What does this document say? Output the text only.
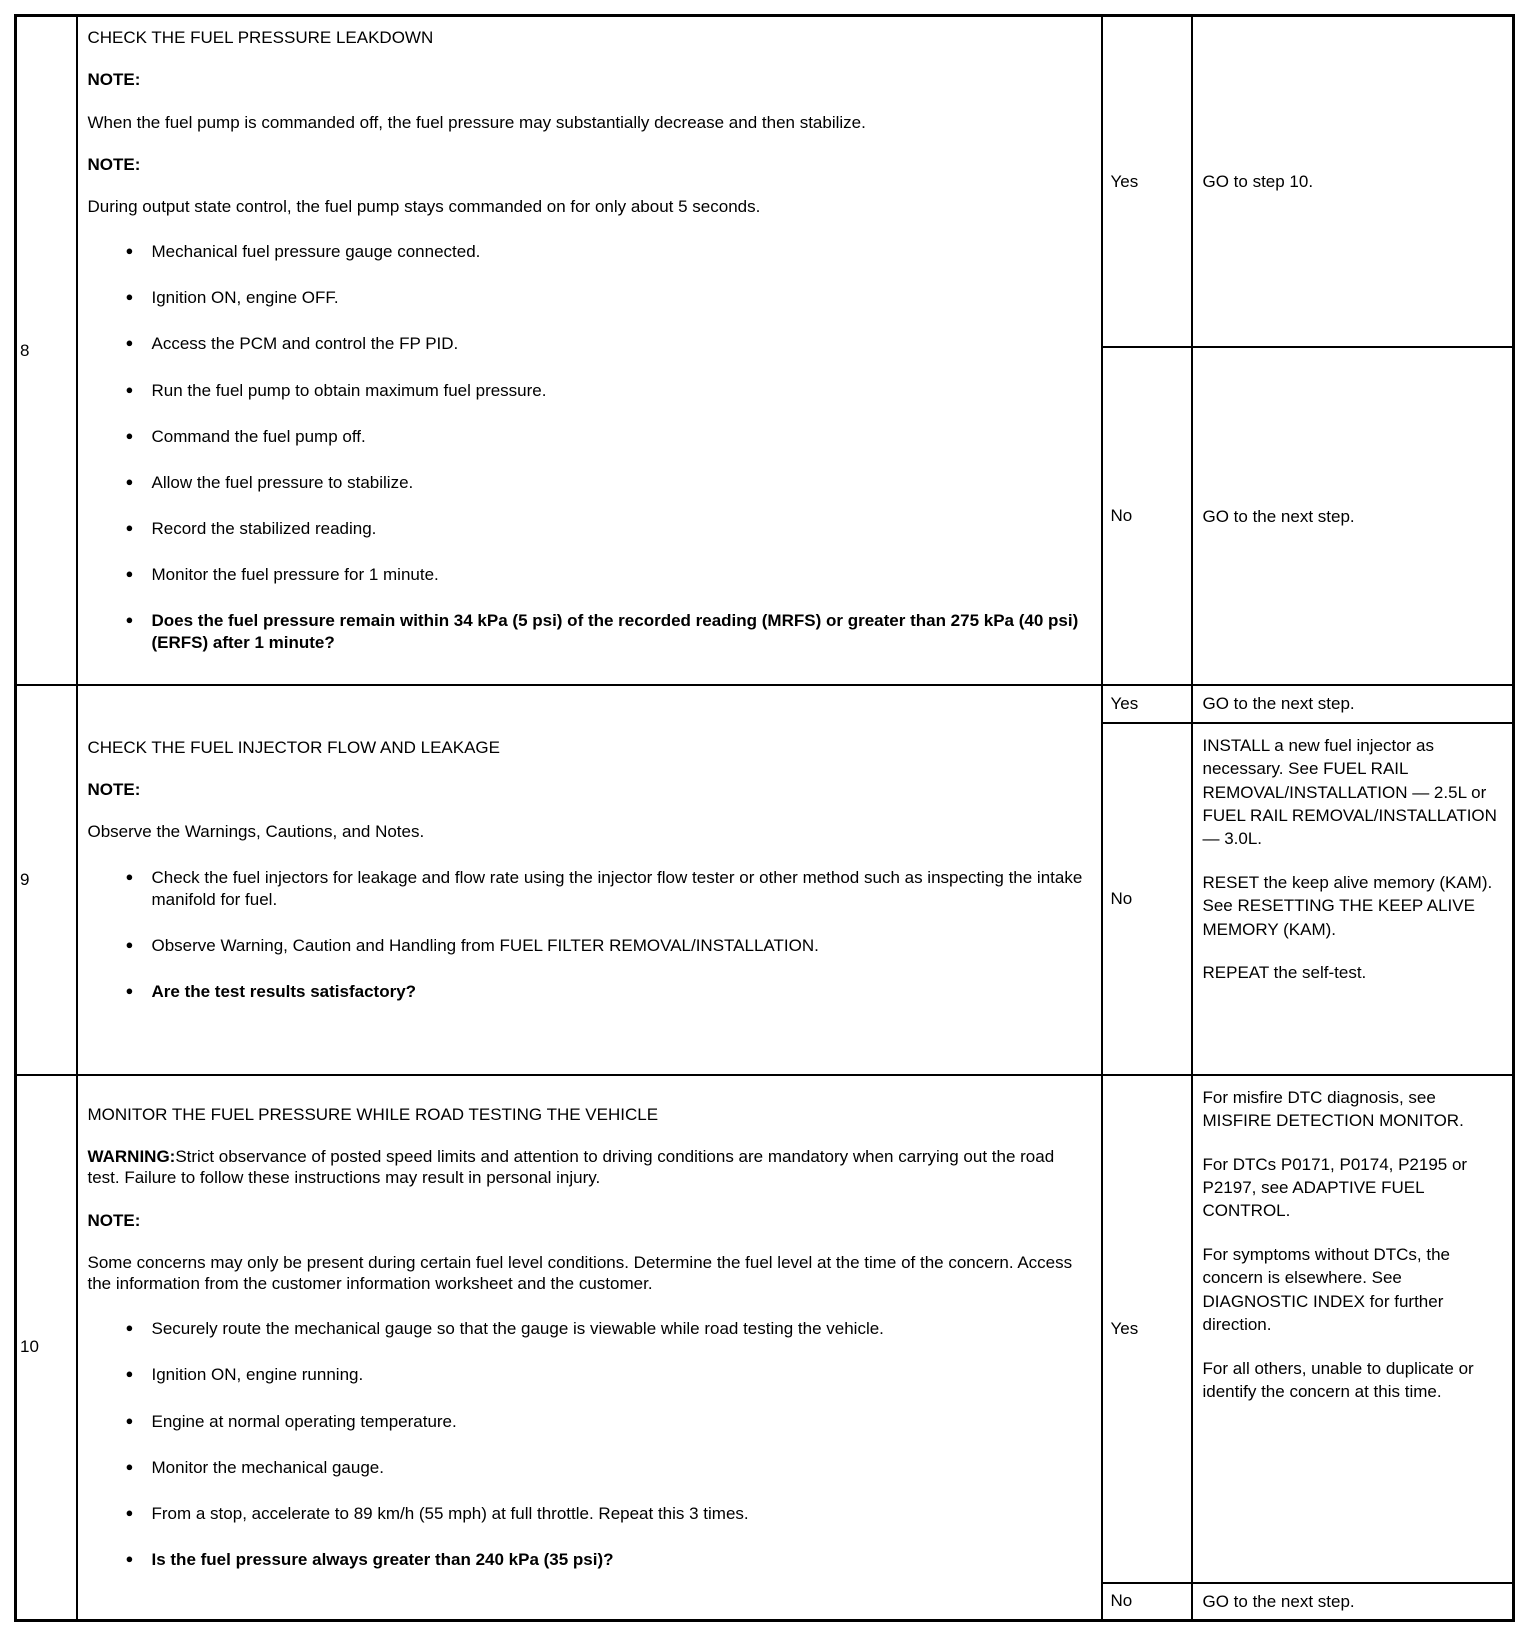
8	

CHECK THE FUEL PRESSURE LEAKDOWN

NOTE:

When the fuel pump is commanded off, the fuel pressure may substantially decrease and then stabilize.

NOTE:

During output state control, the fuel pump stays commanded on for only about 5 seconds.

● Mechanical fuel pressure gauge connected.
● Ignition ON, engine OFF.
● Access the PCM and control the FP PID.
● Run the fuel pump to obtain maximum fuel pressure.
● Command the fuel pump off.
● Allow the fuel pressure to stabilize.
● Record the stabilized reading.
● Monitor the fuel pressure for 1 minute.
● Does the fuel pressure remain within 34 kPa (5 psi) of the recorded reading (MRFS) or greater than 275 kPa (40 psi) (ERFS) after 1 minute?
	Yes	GO to step 10.
		No	GO to the next step.
9	

CHECK THE FUEL INJECTOR FLOW AND LEAKAGE

NOTE:

Observe the Warnings, Cautions, and Notes.

● Check the fuel injectors for leakage and flow rate using the injector flow tester or other method such as inspecting the intake manifold for fuel.
● Observe Warning, Caution and Handling from FUEL FILTER REMOVAL/INSTALLATION.
● Are the test results satisfactory?
	Yes	GO to the next step.
		No	INSTALL a new fuel injector as necessary. See FUEL RAIL REMOVAL/INSTALLATION — 2.5L or FUEL RAIL REMOVAL/INSTALLATION — 3.0L.

RESET the keep alive memory (KAM). See RESETTING THE KEEP ALIVE MEMORY (KAM).

REPEAT the self-test.

10	

MONITOR THE FUEL PRESSURE WHILE ROAD TESTING THE VEHICLE

WARNING:Strict observance of posted speed limits and attention to driving conditions are mandatory when carrying out the road test. Failure to follow these instructions may result in personal injury.

NOTE:

Some concerns may only be present during certain fuel level conditions. Determine the fuel level at the time of the concern. Access the information from the customer information worksheet and the customer.

● Securely route the mechanical gauge so that the gauge is viewable while road testing the vehicle.
● Ignition ON, engine running.
● Engine at normal operating temperature.
● Monitor the mechanical gauge.
● From a stop, accelerate to 89 km/h (55 mph) at full throttle. Repeat this 3 times.
● Is the fuel pressure always greater than 240 kPa (35 psi)?
	Yes	

For misfire DTC diagnosis, see MISFIRE DETECTION MONITOR.

For DTCs P0171, P0174, P2195 or P2197, see ADAPTIVE FUEL CONTROL.

For symptoms without DTCs, the concern is elsewhere. See DIAGNOSTIC INDEX for further direction.

For all others, unable to duplicate or identify the concern at this time.

		No	GO to the next step.
